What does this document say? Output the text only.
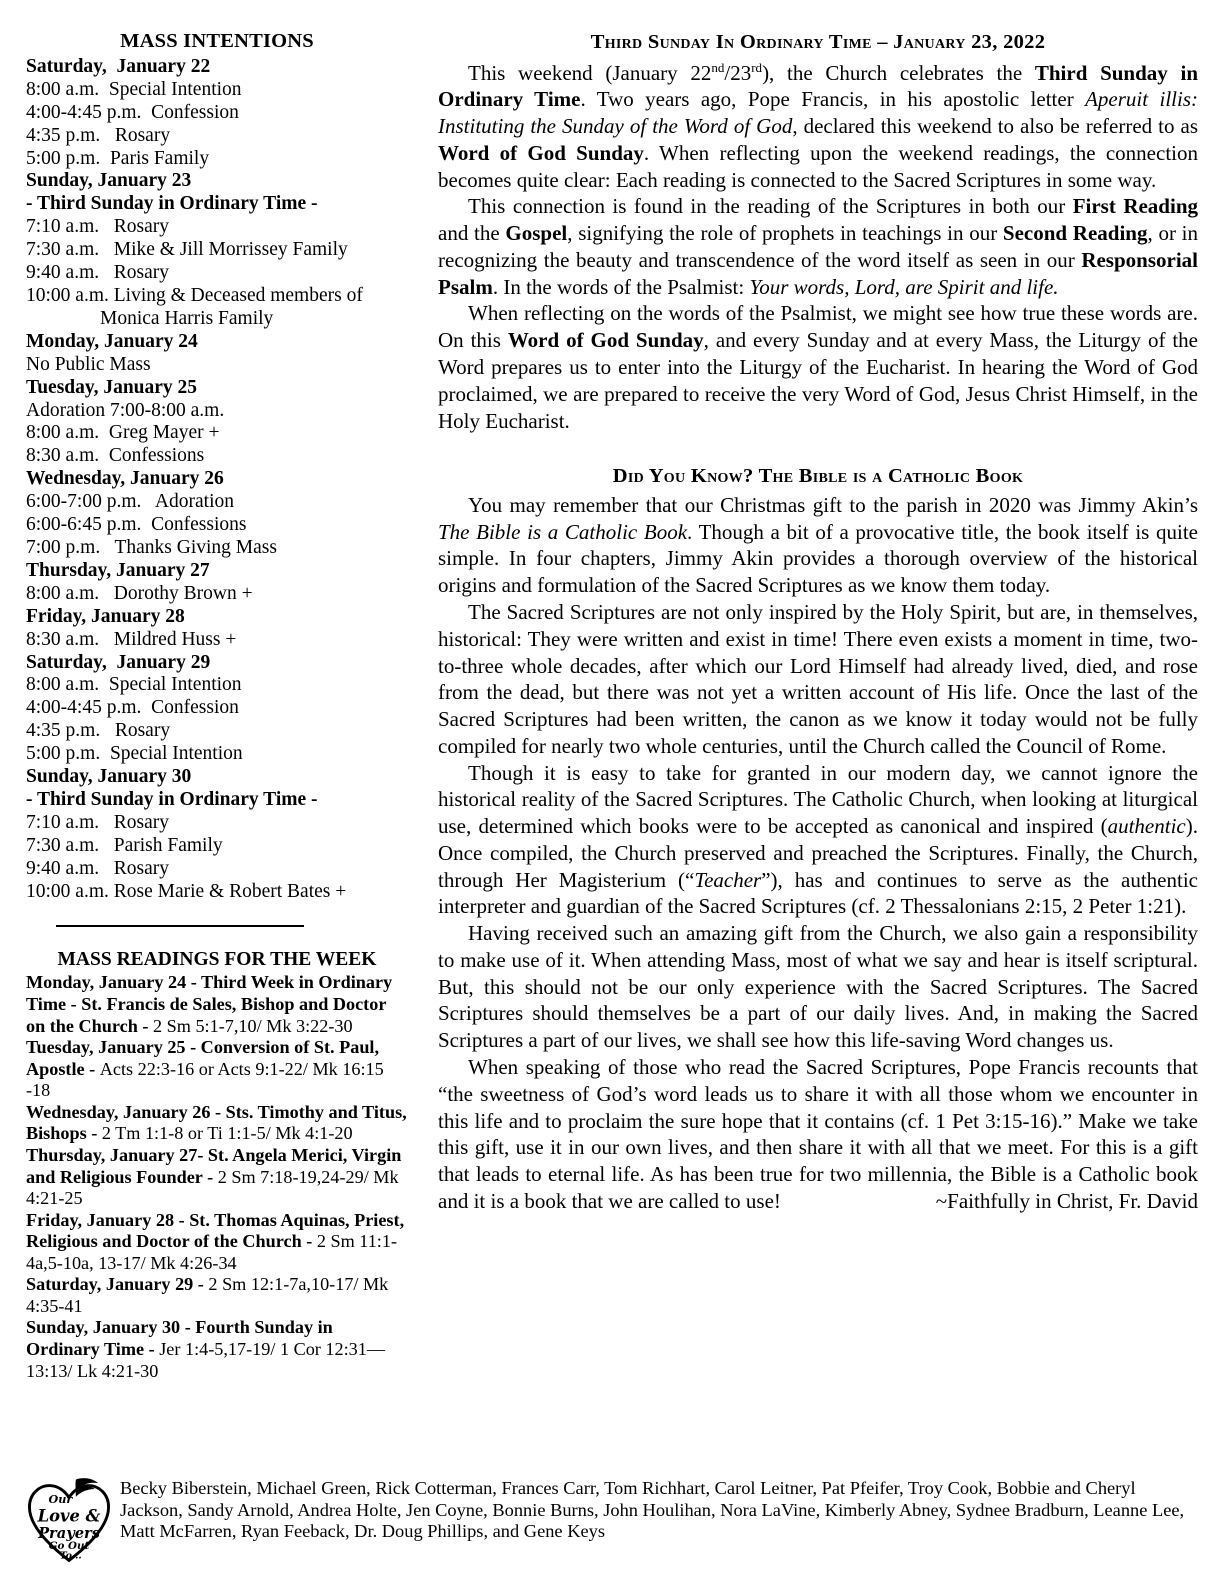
MASS INTENTIONS
Saturday,  January 22
8:00 a.m.  Special Intention
4:00-4:45 p.m.  Confession
4:35 p.m.   Rosary
5:00 p.m.  Paris Family
Sunday, January 23
- Third Sunday in Ordinary Time -
7:10 a.m.   Rosary
7:30 a.m.   Mike & Jill Morrissey Family
9:40 a.m.   Rosary
10:00 a.m. Living & Deceased members of
Monica Harris Family
Monday, January 24
No Public Mass
Tuesday, January 25
Adoration 7:00-8:00 a.m.
8:00 a.m.  Greg Mayer +
8:30 a.m.  Confessions
Wednesday, January 26
6:00-7:00 p.m.   Adoration
6:00-6:45 p.m.  Confessions
7:00 p.m.   Thanks Giving Mass
Thursday, January 27
8:00 a.m.   Dorothy Brown +
Friday, January 28
8:30 a.m.   Mildred Huss +
Saturday,  January 29
8:00 a.m.  Special Intention
4:00-4:45 p.m.  Confession
4:35 p.m.   Rosary
5:00 p.m.  Special Intention
Sunday, January 30
- Third Sunday in Ordinary Time -
7:10 a.m.   Rosary
7:30 a.m.   Parish Family
9:40 a.m.   Rosary
10:00 a.m. Rose Marie & Robert Bates +
MASS READINGS FOR THE WEEK
Monday, January 24 - Third Week in Ordinary Time - St. Francis de Sales, Bishop and Doctor on the Church - 2 Sm 5:1-7,10/ Mk 3:22-30
Tuesday, January 25 - Conversion of St. Paul, Apostle - Acts 22:3-16 or Acts 9:1-22/ Mk 16:15 -18
Wednesday, January 26 - Sts. Timothy and Titus, Bishops - 2 Tm 1:1-8 or Ti 1:1-5/ Mk 4:1-20
Thursday, January 27- St. Angela Merici, Virgin and Religious Founder - 2 Sm 7:18-19,24-29/ Mk 4:21-25
Friday, January 28 - St. Thomas Aquinas, Priest, Religious and Doctor of the Church - 2 Sm 11:1-4a,5-10a, 13-17/ Mk 4:26-34
Saturday, January 29 - 2 Sm 12:1-7a,10-17/ Mk 4:35-41
Sunday, January 30 - Fourth Sunday in Ordinary Time - Jer 1:4-5,17-19/ 1 Cor 12:31—13:13/ Lk 4:21-30
Third Sunday In Ordinary Time – January 23, 2022

This weekend (January 22nd/23rd), the Church celebrates the Third Sunday in Ordinary Time. Two years ago, Pope Francis, in his apostolic letter Aperuit illis: Instituting the Sunday of the Word of God, declared this weekend to also be referred to as Word of God Sunday. When reflecting upon the weekend readings, the connection becomes quite clear: Each reading is connected to the Sacred Scriptures in some way.

This connection is found in the reading of the Scriptures in both our First Reading and the Gospel, signifying the role of prophets in teachings in our Second Reading, or in recognizing the beauty and transcendence of the word itself as seen in our Responsorial Psalm. In the words of the Psalmist: Your words, Lord, are Spirit and life.

When reflecting on the words of the Psalmist, we might see how true these words are. On this Word of God Sunday, and every Sunday and at every Mass, the Liturgy of the Word prepares us to enter into the Liturgy of the Eucharist. In hearing the Word of God proclaimed, we are prepared to receive the very Word of God, Jesus Christ Himself, in the Holy Eucharist.

Did You Know? The Bible is a Catholic Book

You may remember that our Christmas gift to the parish in 2020 was Jimmy Akin’s The Bible is a Catholic Book. Though a bit of a provocative title, the book itself is quite simple. In four chapters, Jimmy Akin provides a thorough overview of the historical origins and formulation of the Sacred Scriptures as we know them today.

The Sacred Scriptures are not only inspired by the Holy Spirit, but are, in themselves, historical: They were written and exist in time! There even exists a moment in time, two-to-three whole decades, after which our Lord Himself had already lived, died, and rose from the dead, but there was not yet a written account of His life. Once the last of the Sacred Scriptures had been written, the canon as we know it today would not be fully compiled for nearly two whole centuries, until the Church called the Council of Rome.

Though it is easy to take for granted in our modern day, we cannot ignore the historical reality of the Sacred Scriptures. The Catholic Church, when looking at liturgical use, determined which books were to be accepted as canonical and inspired (authentic). Once compiled, the Church preserved and preached the Scriptures. Finally, the Church, through Her Magisterium (“Teacher”), has and continues to serve as the authentic interpreter and guardian of the Sacred Scriptures (cf. 2 Thessalonians 2:15, 2 Peter 1:21).

Having received such an amazing gift from the Church, we also gain a responsibility to make use of it. When attending Mass, most of what we say and hear is itself scriptural. But, this should not be our only experience with the Sacred Scriptures. The Sacred Scriptures should themselves be a part of our daily lives. And, in making the Sacred Scriptures a part of our lives, we shall see how this life-saving Word changes us.

When speaking of those who read the Sacred Scriptures, Pope Francis recounts that “the sweetness of God’s word leads us to share it with all those whom we encounter in this life and to proclaim the sure hope that it contains (cf. 1 Pet 3:15-16).” Make we take this gift, use it in our own lives, and then share it with all that we meet. For this is a gift that leads to eternal life. As has been true for two millennia, the Bible is a Catholic book and it is a book that we are called to use!	~Faithfully in Christ, Fr. David

Our
Love &
Prayers
Go Out
To...
Becky Biberstein, Michael Green, Rick Cotterman, Frances Carr, Tom Richhart, Carol Leitner, Pat Pfeifer, Troy Cook, Bobbie and Cheryl Jackson, Sandy Arnold, Andrea Holte, Jen Coyne, Bonnie Burns, John Houlihan, Nora LaVine, Kimberly Abney, Sydnee Bradburn, Leanne Lee, Matt McFarren, Ryan Feeback, Dr. Doug Phillips, and Gene Keys
